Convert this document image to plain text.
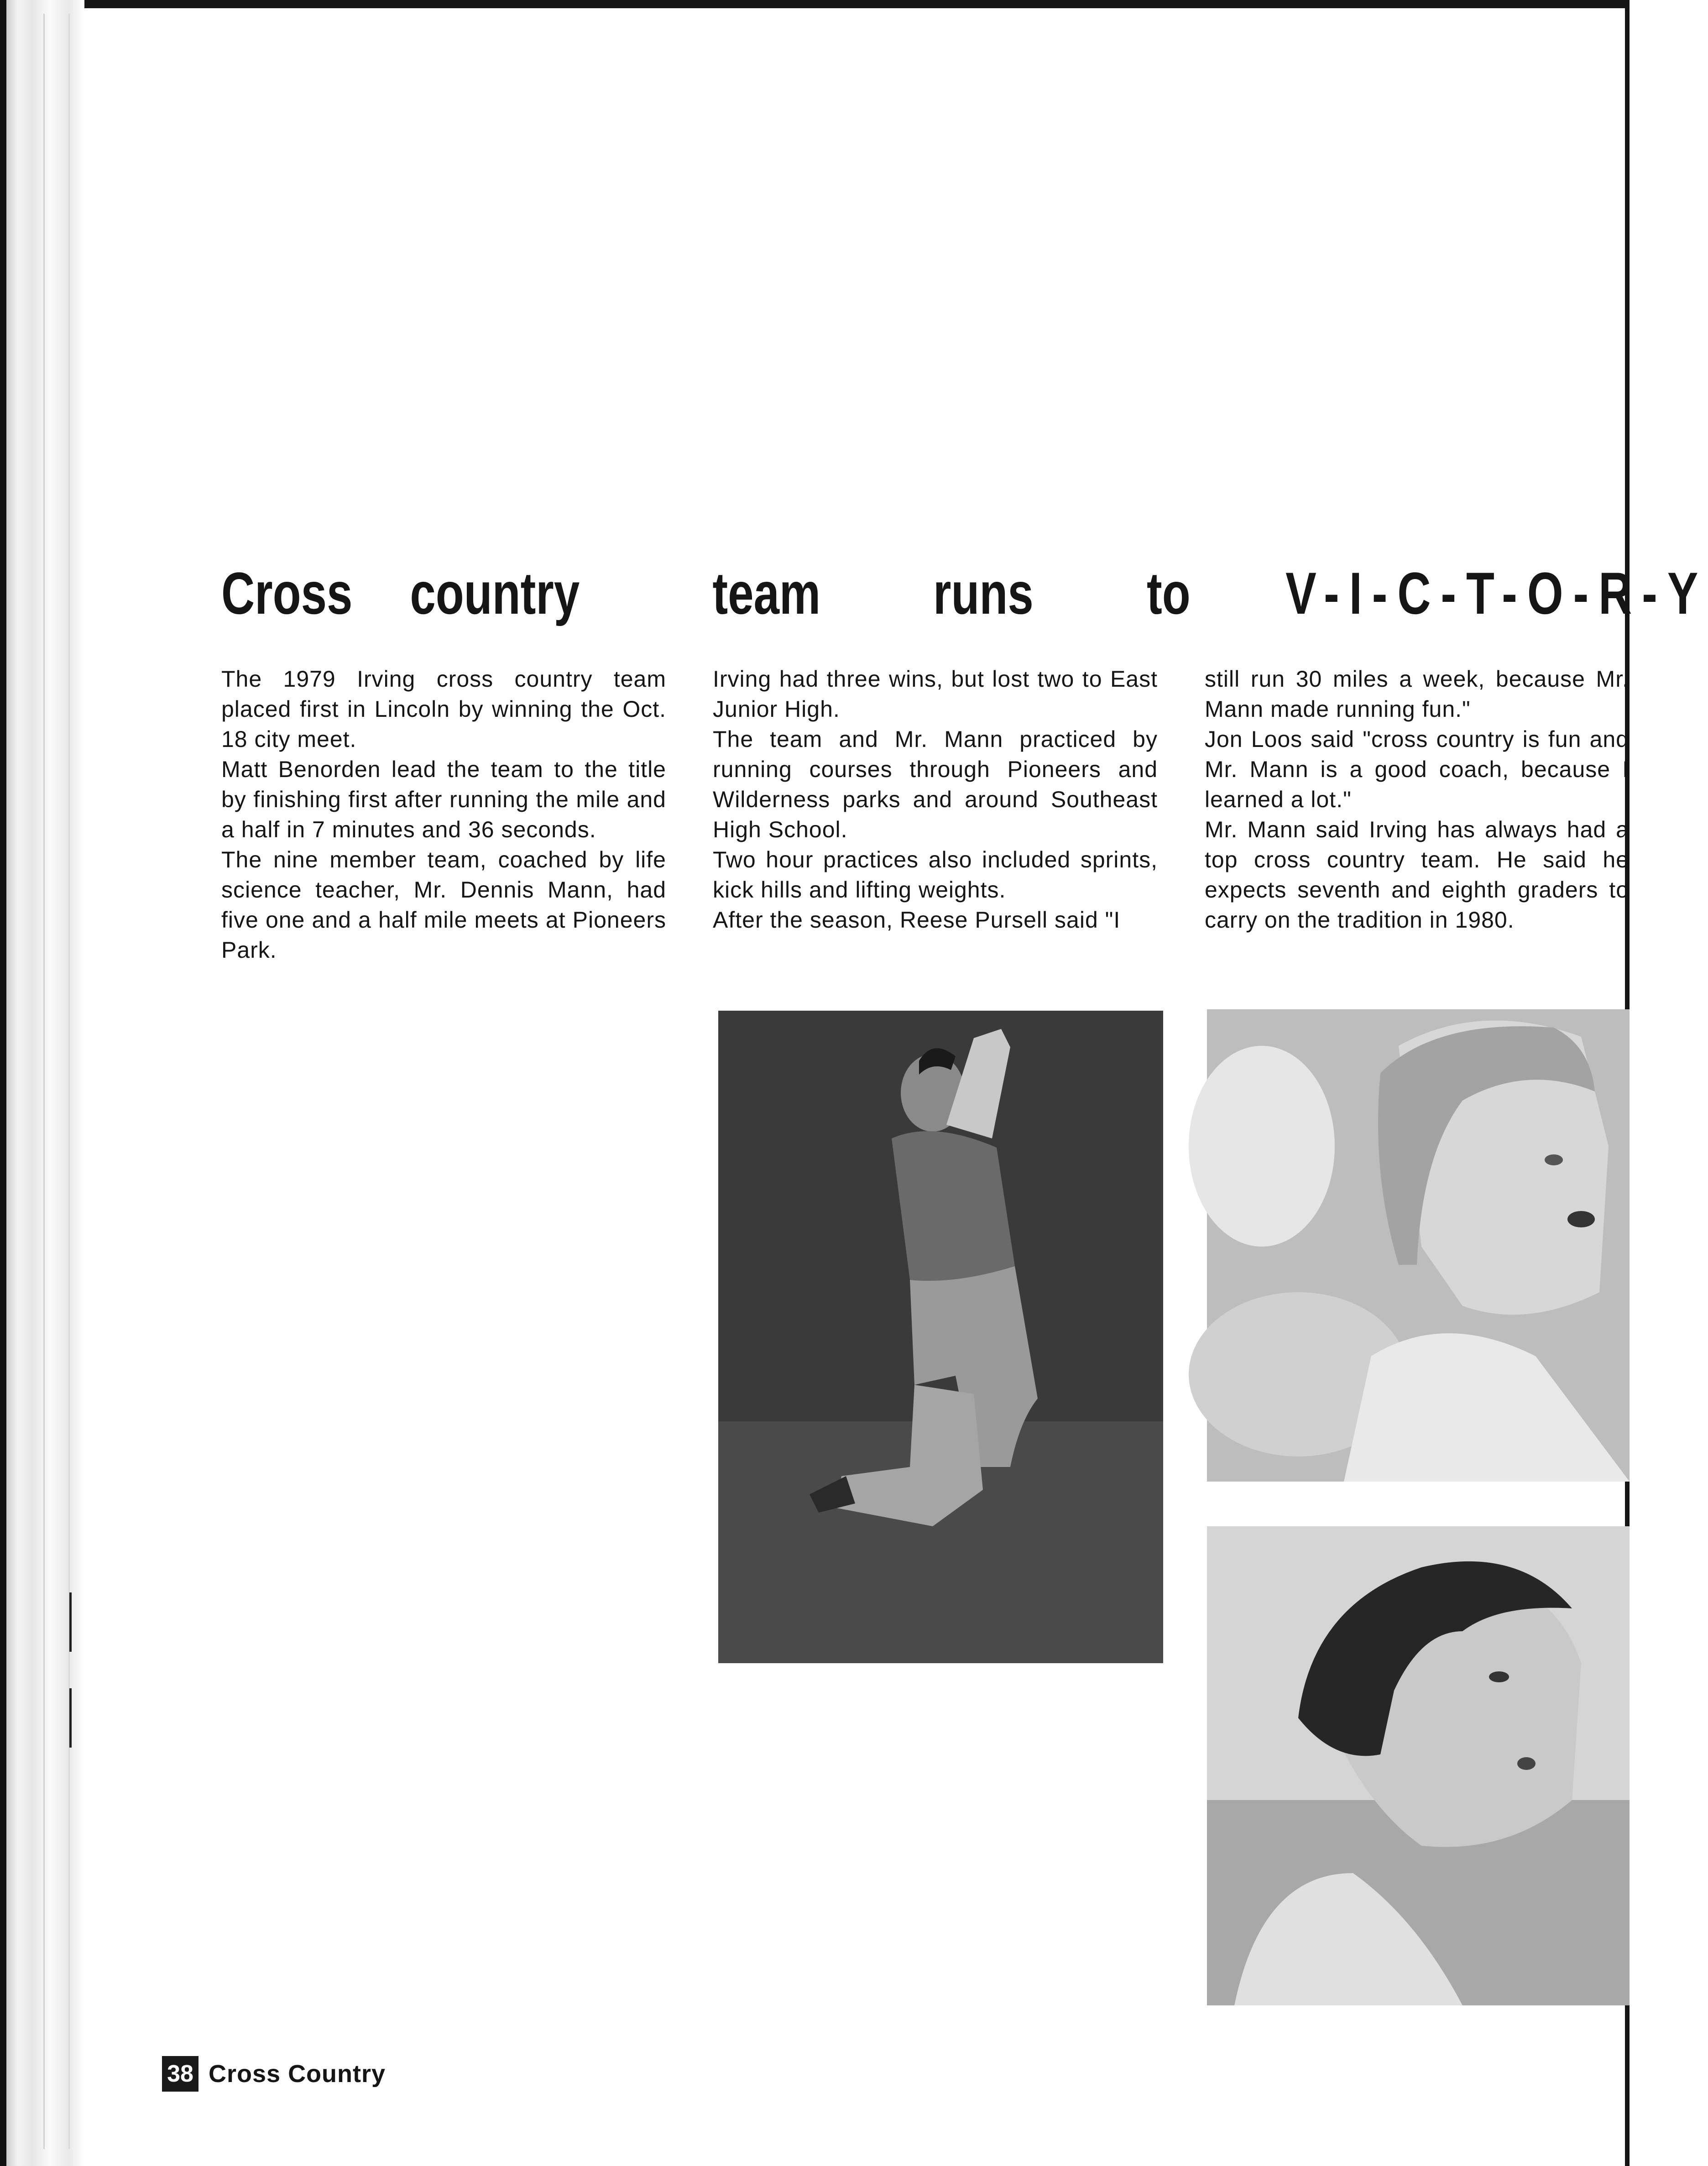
Cross country team runs to V-I-C-T-O-R-Y

The 1979 Irving cross country team placed first in Lincoln by winning the Oct. 18 city meet.

Matt Benorden lead the team to the title by finishing first after running the mile and a half in 7 minutes and 36 seconds.

The nine member team, coached by life science teacher, Mr. Dennis Mann, had five one and a half mile meets at Pioneers Park.

Irving had three wins, but lost two to East Junior High.

The team and Mr. Mann practiced by running courses through Pioneers and Wilderness parks and around Southeast High School.

Two hour practices also included sprints, kick hills and lifting weights.

After the season, Reese Pursell said "I

still run 30 miles a week, because Mr. Mann made running fun."

Jon Loos said "cross country is fun and Mr. Mann is a good coach, because I learned a lot."

Mr. Mann said Irving has always had a top cross country team. He said he expects seventh and eighth graders to carry on the tradition in 1980.

38 Cross Country
